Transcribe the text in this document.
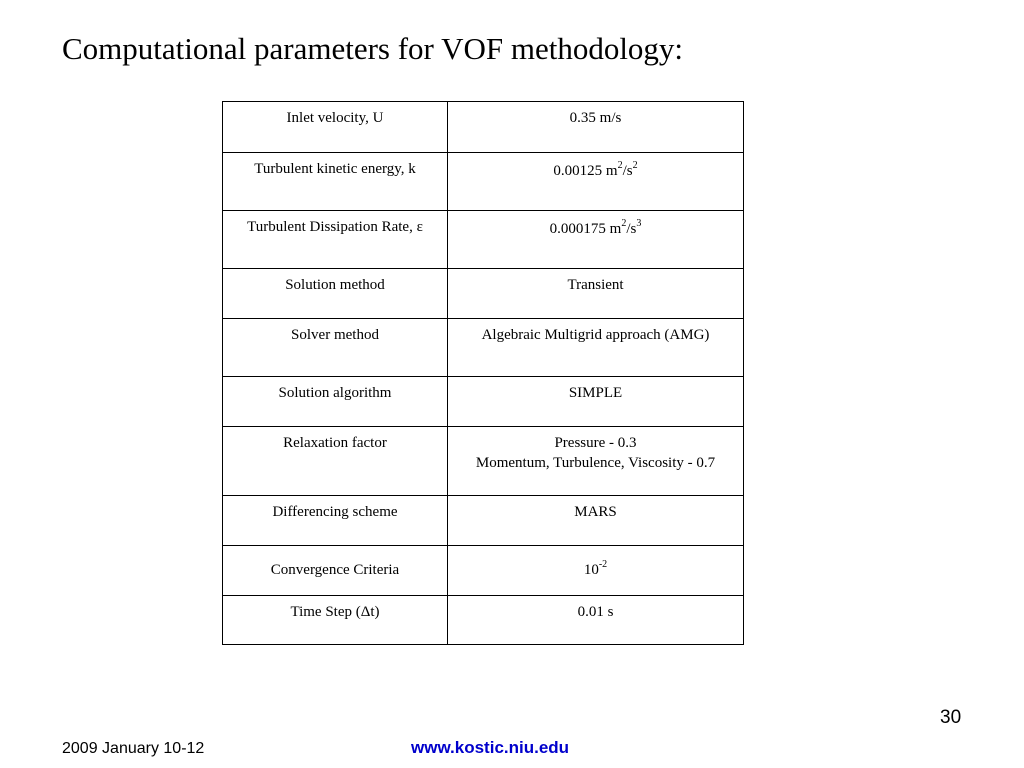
Computational parameters for VOF methodology:
Inlet velocity, U	0.35 m/s
Turbulent kinetic energy, k	0.00125 $m^2/s^2$
Turbulent Dissipation Rate, ε	0.000175 $m^2/s^3$
Solution method	Transient
Solver method	Algebraic Multigrid approach (AMG)
Solution algorithm	SIMPLE
Relaxation factor	Pressure - 0.3
Momentum, Turbulence, Viscosity - 0.7

Differencing scheme	MARS
Convergence Criteria	$10^{-2}$
Time Step (Δt)	0.01 s
30
2009 January 10-12	www.kostic.niu.edu
